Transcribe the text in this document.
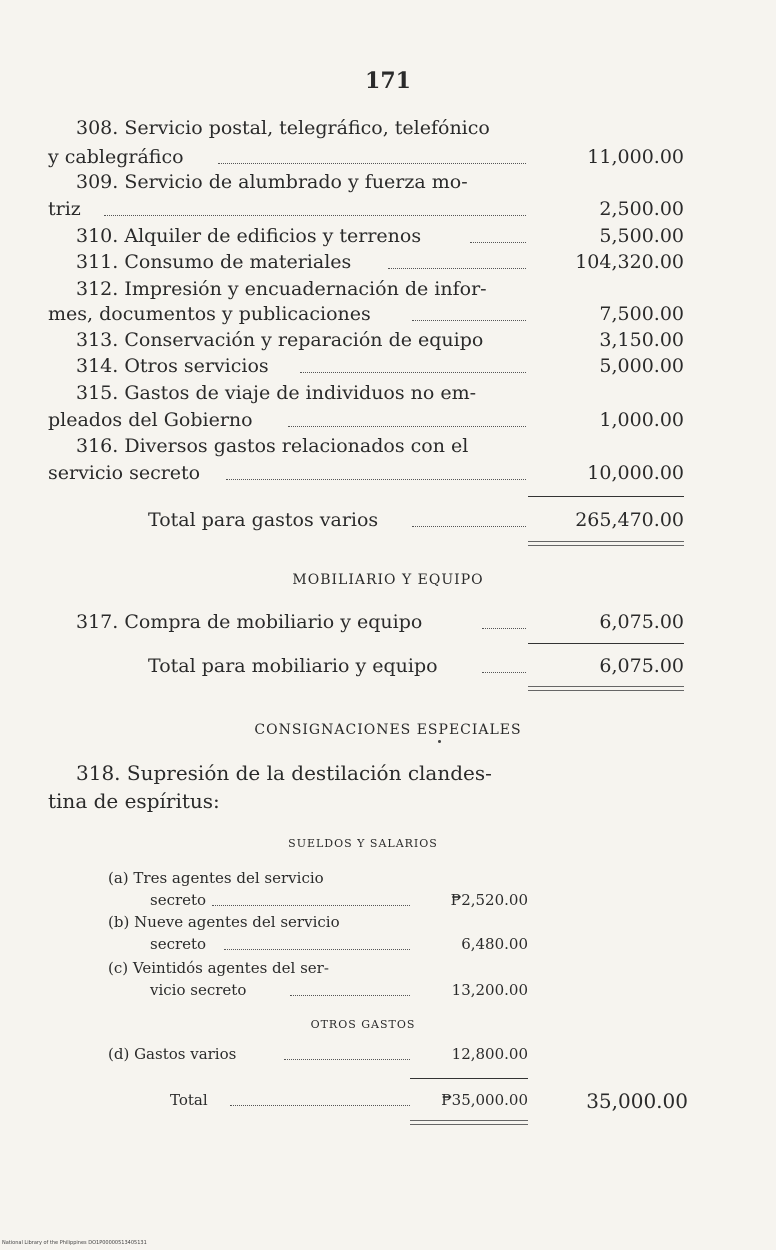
171
308. Servicio postal, telegráfico, telefónico
y cablegráfico	11,000.00
309. Servicio de alumbrado y fuerza mo-
triz	2,500.00
310. Alquiler de edificios y terrenos	5,500.00
311. Consumo de materiales	104,320.00
312. Impresión y encuadernación de infor-
mes, documentos y publicaciones	7,500.00
313. Conservación y reparación de equipo	3,150.00
314. Otros servicios	5,000.00
315. Gastos de viaje de individuos no em-
pleados del Gobierno	1,000.00
316. Diversos gastos relacionados con el
servicio secreto	10,000.00
Total para gastos varios	265,470.00
MOBILIARIO Y EQUIPO
317. Compra de mobiliario y equipo	6,075.00
Total para mobiliario y equipo	6,075.00
CONSIGNACIONES ESPECIALES
318. Supresión de la destilación clandes-
tina de espíritus:
SUELDOS Y SALARIOS
(a) Tres agentes del servicio
secreto	₱2,520.00
(b) Nueve agentes del servicio
secreto	6,480.00
(c) Veintidós agentes del ser-
vicio secreto	13,200.00
OTROS GASTOS
(d) Gastos varios	12,800.00
Total	₱35,000.00	35,000.00
National Library of the Philippines DO1P00000513405131
